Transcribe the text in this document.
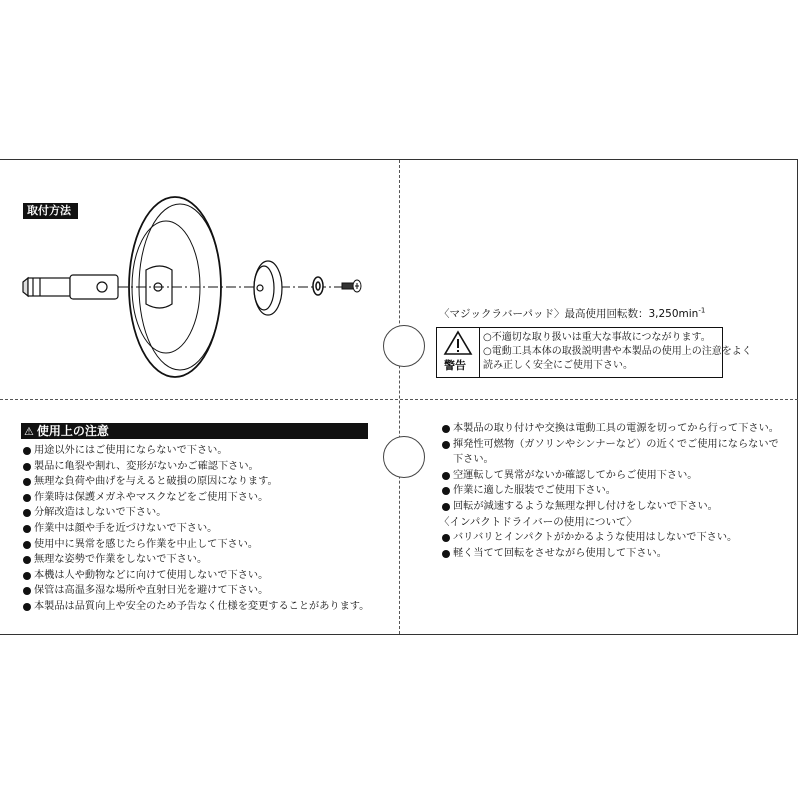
取付方法
〈マジックラバーパッド〉最高使用回転数：$3,250\min^{-1}$
警告
○不適切な取り扱いは重大な事故につながります。
○電動工具本体の取扱説明書や本製品の使用上の注意をよく
読み正しく安全にご使用下さい。
⚠ 使用上の注意
用途以外にはご使用にならないで下さい。
製品に亀裂や割れ、変形がないかご確認下さい。
無理な負荷や曲げを与えると破損の原因になります。
作業時は保護メガネやマスクなどをご使用下さい。
分解改造はしないで下さい。
作業中は顔や手を近づけないで下さい。
使用中に異常を感じたら作業を中止して下さい。
無理な姿勢で作業をしないで下さい。
本機は人や動物などに向けて使用しないで下さい。
保管は高温多湿な場所や直射日光を避けて下さい。
本製品は品質向上や安全のため予告なく仕様を変更することがあります。
本製品の取り付けや交換は電動工具の電源を切ってから行って下さい。
揮発性可燃物（ガソリンやシンナーなど）の近くでご使用にならないで
下さい。
空運転して異常がないか確認してからご使用下さい。
作業に適した服装でご使用下さい。
回転が減速するような無理な押し付けをしないで下さい。
〈インパクトドライバーの使用について〉
バリバリとインパクトがかかるような使用はしないで下さい。
軽く当てて回転をさせながら使用して下さい。
